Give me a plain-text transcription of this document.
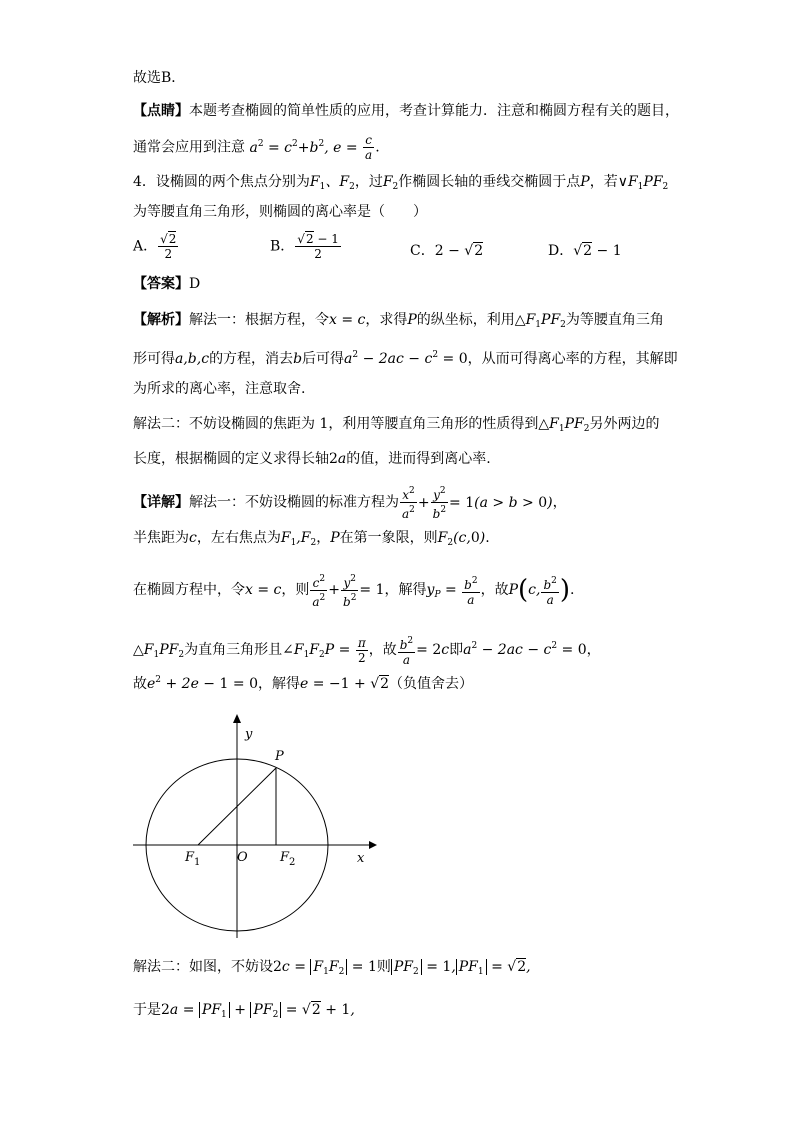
故选B．
【点睛】本题考查椭圆的简单性质的应用，考查计算能力．注意和椭圆方程有关的题目，
通常会应用到注意 $a^2 = c^2+b^2$, $e = \frac{c}{a}$ .
4．设椭圆的两个焦点分别为$F_1$、$F_2$，过$F_2$作椭圆长轴的垂线交椭圆于点P，若$\vee F_1PF_2$
为等腰直角三角形，则椭圆的离心率是（　　）
A． $\frac{√2}{2}$	B． $\frac{√2 - 1}{2}$	C．2 − √2	D．√2 − 1
【答案】D
【解析】解法一：根据方程，令x = c，求得P的纵坐标，利用$\triangle F_1PF_2$为等腰直角三角
形可得a,b,c的方程，消去b后可得$a^2 - 2ac - c^2 = 0$，从而可得离心率的方程，其解即
为所求的离心率，注意取舍.
解法二：不妨设椭圆的焦距为 1，利用等腰直角三角形的性质得到$\triangle F_1PF_2$另外两边的
长度，根据椭圆的定义求得长轴2a的值，进而得到离心率.
【详解】解法一：不妨设椭圆的标准方程为 $\frac{x^2}{a^2} + \frac{y^2}{b^2} = 1(a > b > 0)$，
半焦距为c，左右焦点为$F_1,F_2$，P在第一象限，则$F_2(c,0)$.
在椭圆方程中，令x = c，则 $\frac{c^2}{a^2} + \frac{y^2}{b^2} = 1$，解得$y_P = \frac{b^2}{a}$ ，故P(c, $\frac{b^2}{a}$ ).
$\triangle F_1PF_2$为直角三角形且$\angle F_1F_2P = \frac{\pi}{2}$ ，故 $\frac{b^2}{a} = 2c$即$a^2 - 2ac - c^2 = 0$，
故$e^2 + 2e - 1 = 0$，解得e = −1 + √2（负值舍去）
y
x
P
O
$F_1$	$F_2$
解法二：如图，不妨设$2c = F_1F_2 = 1$则 $PF_2 = 1$, $PF_1 = √2$,
于是$2a = PF_1 + PF_2 = √2 + 1$,
